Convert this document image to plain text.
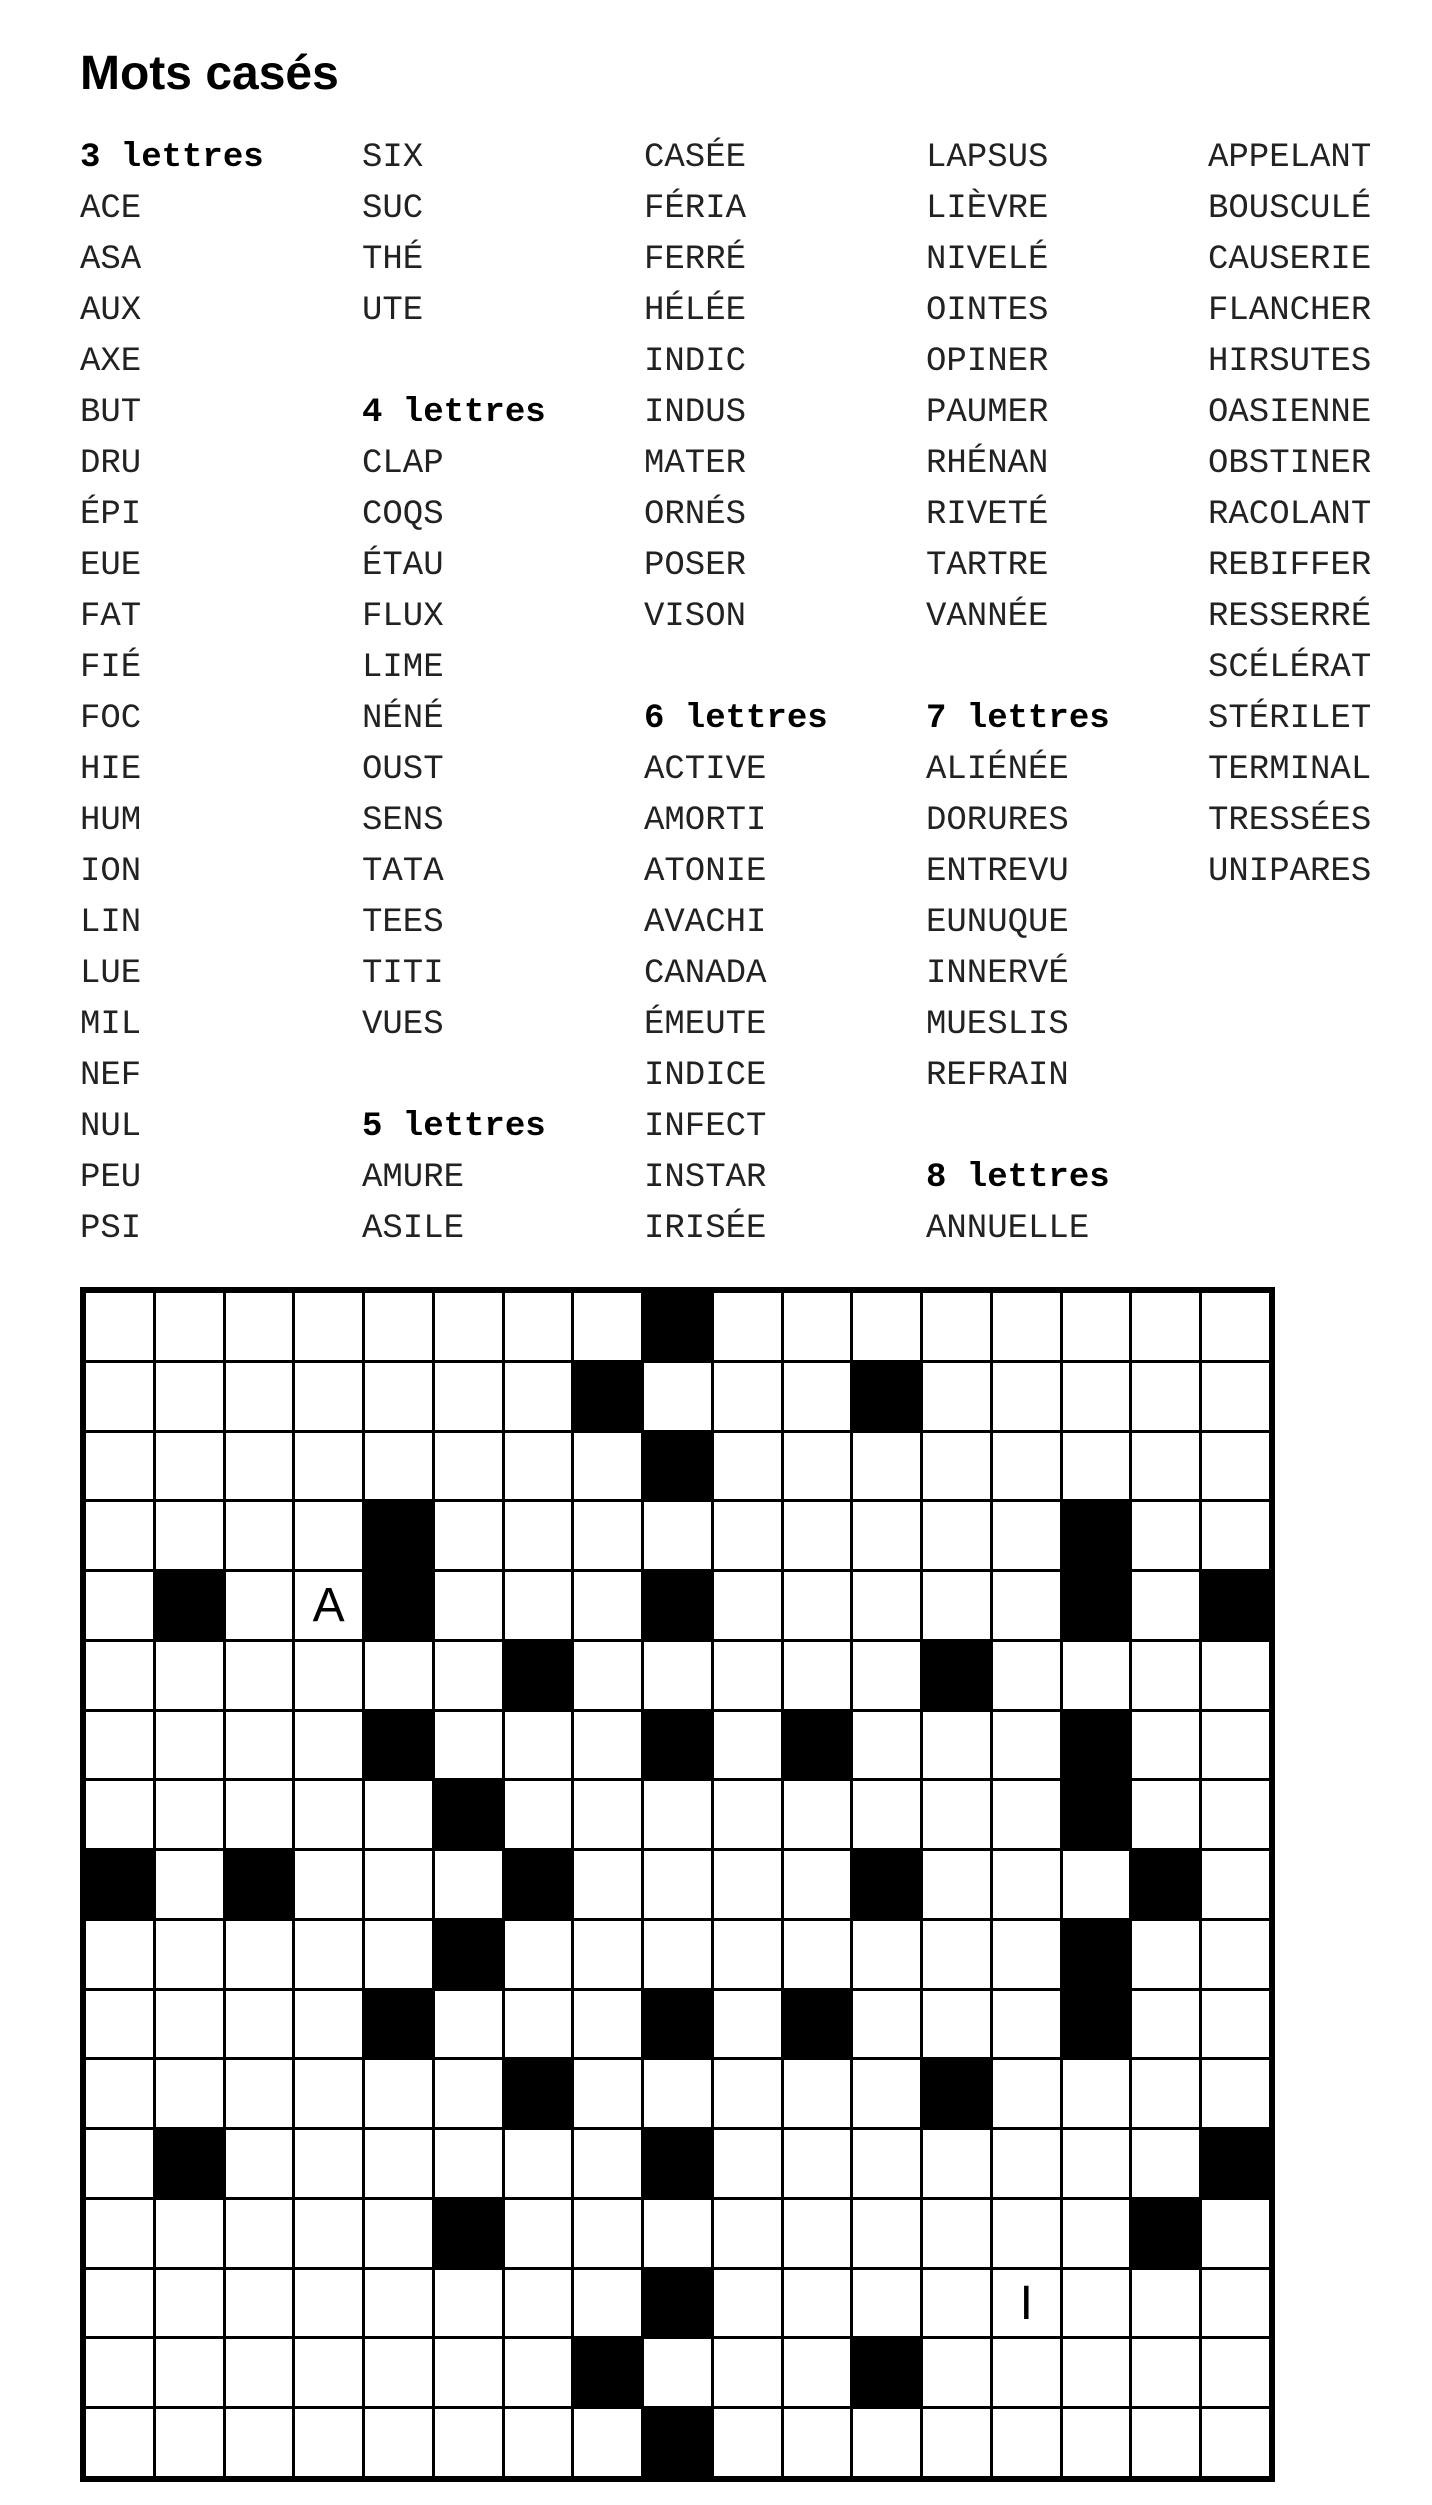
Mots casés
3 lettres
ACE
ASA
AUX
AXE
BUT
DRU
ÉPI
EUE
FAT
FIÉ
FOC
HIE
HUM
ION
LIN
LUE
MIL
NEF
NUL
PEU
PSI
SIX
SUC
THÉ
UTE
4 lettres
CLAP
COQS
ÉTAU
FLUX
LIME
NÉNÉ
OUST
SENS
TATA
TEES
TITI
VUES
5 lettres
AMURE
ASILE
CASÉE
FÉRIA
FERRÉ
HÉLÉE
INDIC
INDUS
MATER
ORNÉS
POSER
VISON
6 lettres
ACTIVE
AMORTI
ATONIE
AVACHI
CANADA
ÉMEUTE
INDICE
INFECT
INSTAR
IRISÉE
LAPSUS
LIÈVRE
NIVELÉ
OINTES
OPINER
PAUMER
RHÉNAN
RIVETÉ
TARTRE
VANNÉE
7 lettres
ALIÉNÉE
DORURES
ENTREVU
EUNUQUE
INNERVÉ
MUESLIS
REFRAIN
8 lettres
ANNUELLE
APPELANT
BOUSCULÉ
CAUSERIE
FLANCHER
HIRSUTES
OASIENNE
OBSTINER
RACOLANT
REBIFFER
RESSERRÉ
SCÉLÉRAT
STÉRILET
TERMINAL
TRESSÉES
UNIPARES
A
I
